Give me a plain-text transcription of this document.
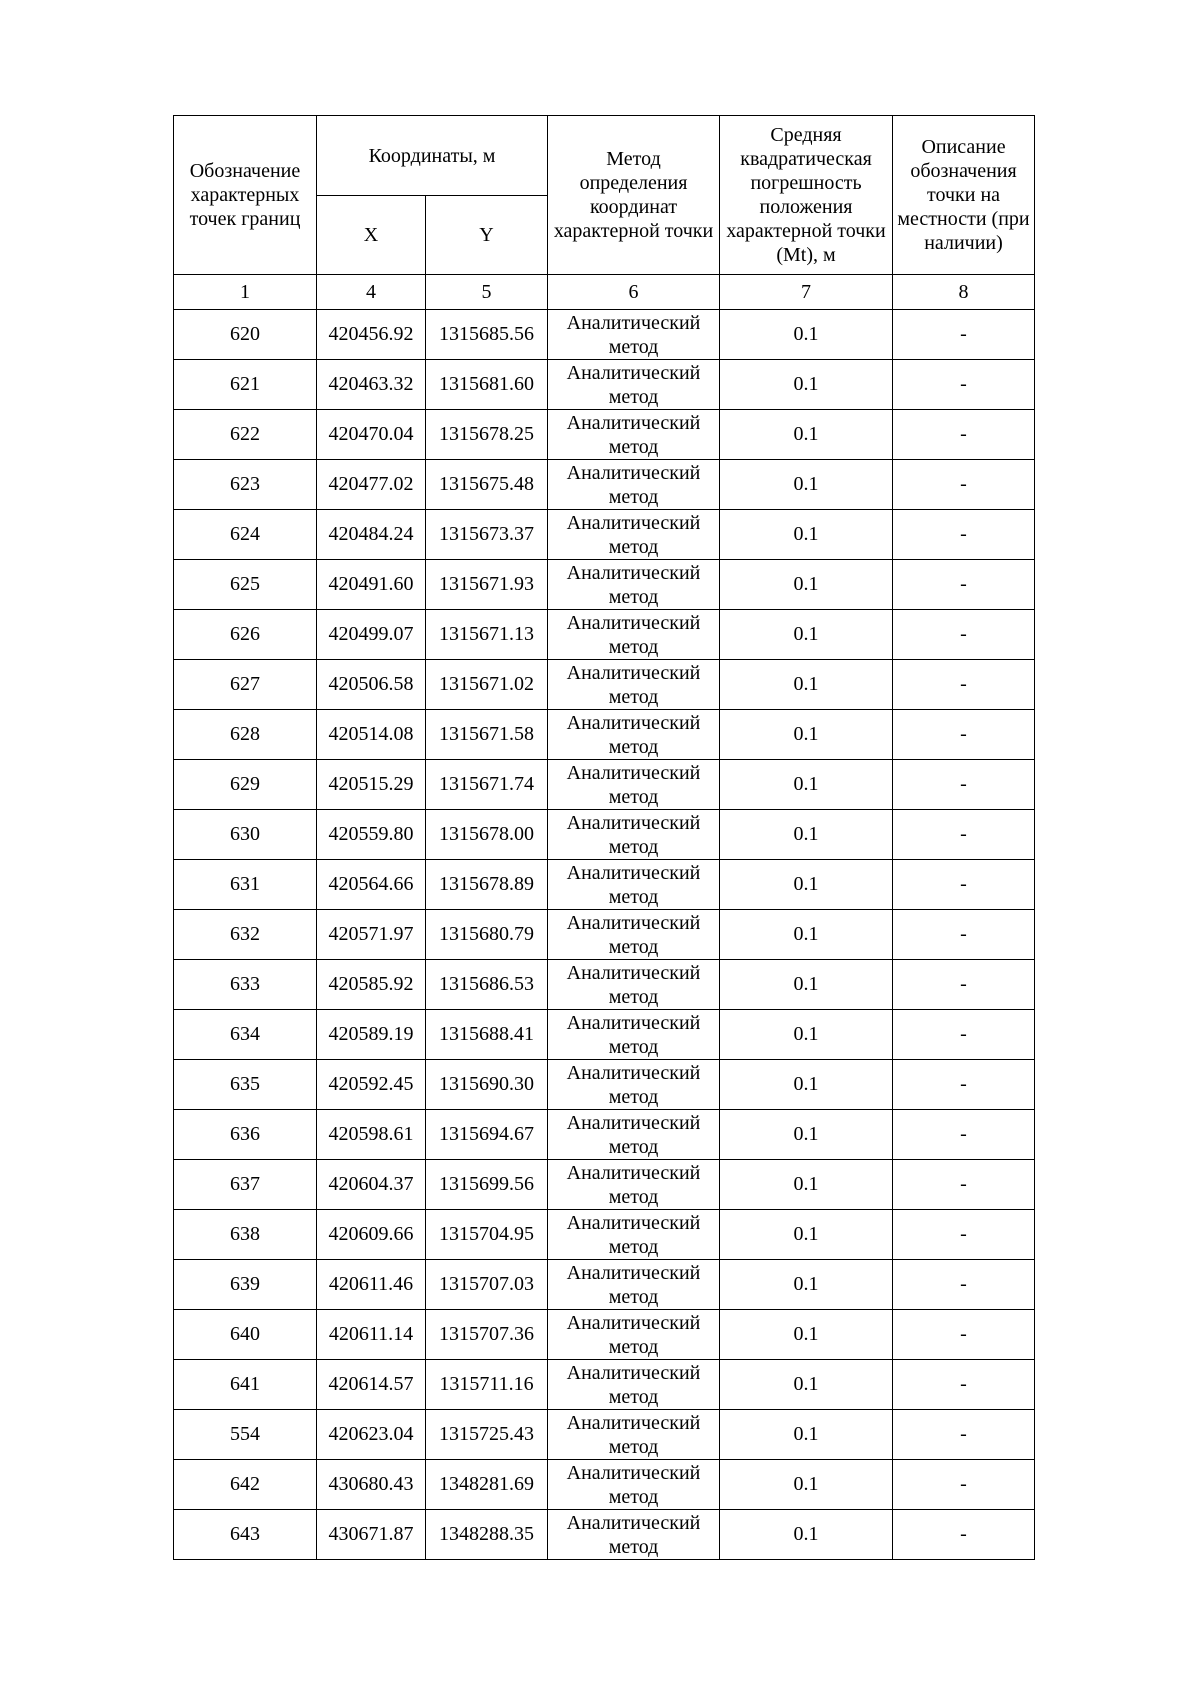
Обозначение характерных точек границ	Координаты, м		Метод определения координат характерной точки	Средняя квадратическая погрешность положения характерной точки (Mt), м	Описание обозначения точки на местности (при наличии)
	X	Y			
1	4	5	6	7	8
620	420456.92	1315685.56	Аналитический метод	0.1	-
621	420463.32	1315681.60	Аналитический метод	0.1	-
622	420470.04	1315678.25	Аналитический метод	0.1	-
623	420477.02	1315675.48	Аналитический метод	0.1	-
624	420484.24	1315673.37	Аналитический метод	0.1	-
625	420491.60	1315671.93	Аналитический метод	0.1	-
626	420499.07	1315671.13	Аналитический метод	0.1	-
627	420506.58	1315671.02	Аналитический метод	0.1	-
628	420514.08	1315671.58	Аналитический метод	0.1	-
629	420515.29	1315671.74	Аналитический метод	0.1	-
630	420559.80	1315678.00	Аналитический метод	0.1	-
631	420564.66	1315678.89	Аналитический метод	0.1	-
632	420571.97	1315680.79	Аналитический метод	0.1	-
633	420585.92	1315686.53	Аналитический метод	0.1	-
634	420589.19	1315688.41	Аналитический метод	0.1	-
635	420592.45	1315690.30	Аналитический метод	0.1	-
636	420598.61	1315694.67	Аналитический метод	0.1	-
637	420604.37	1315699.56	Аналитический метод	0.1	-
638	420609.66	1315704.95	Аналитический метод	0.1	-
639	420611.46	1315707.03	Аналитический метод	0.1	-
640	420611.14	1315707.36	Аналитический метод	0.1	-
641	420614.57	1315711.16	Аналитический метод	0.1	-
554	420623.04	1315725.43	Аналитический метод	0.1	-
642	430680.43	1348281.69	Аналитический метод	0.1	-
643	430671.87	1348288.35	Аналитический метод	0.1	-
